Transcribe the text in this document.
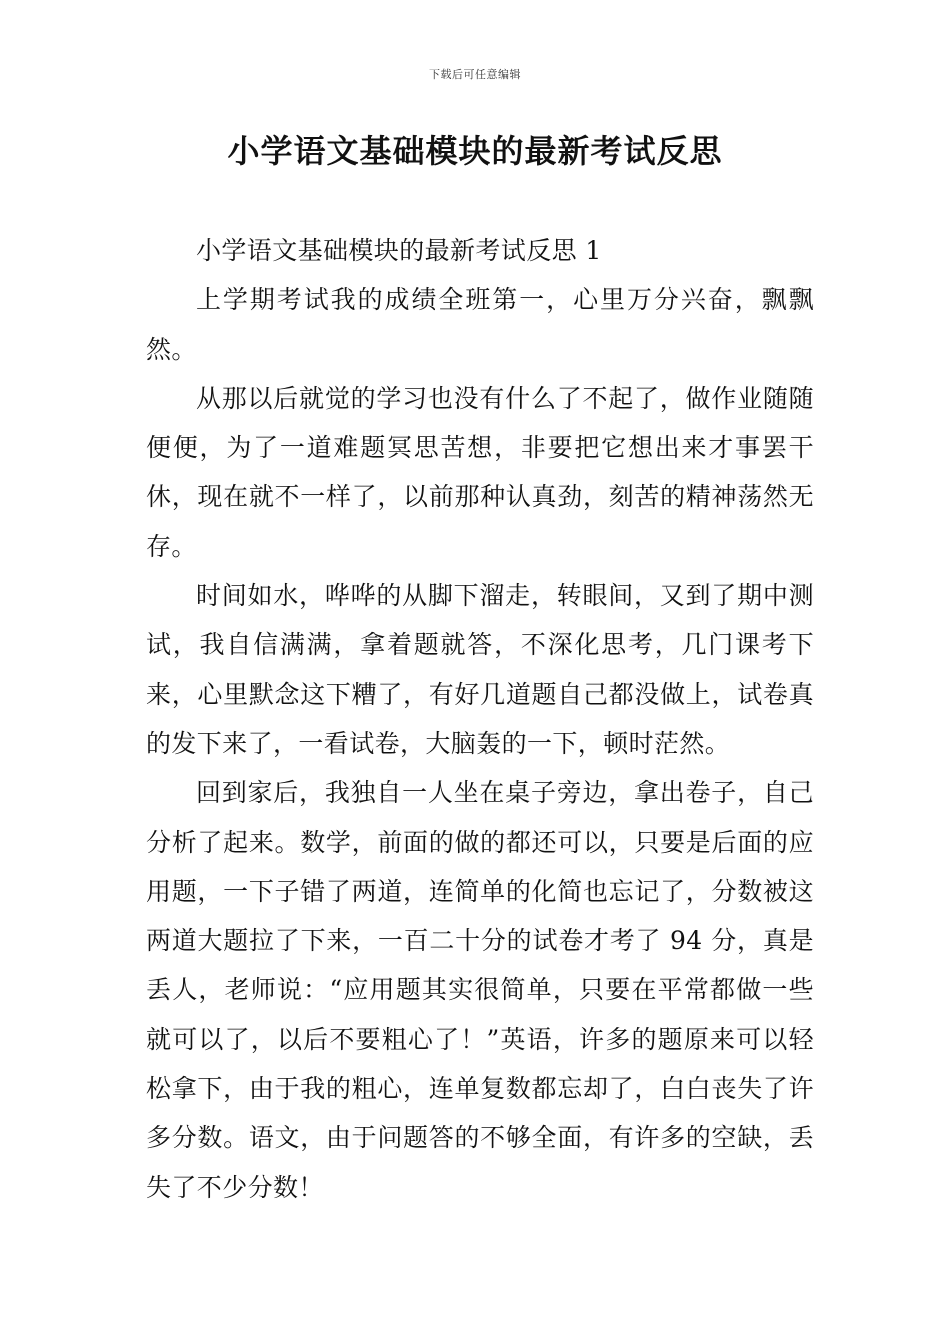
下载后可任意编辑
小学语文基础模块的最新考试反思

小学语文基础模块的最新考试反思 1

上学期考试我的成绩全班第一，心里万分兴奋，飘飘然。

从那以后就觉的学习也没有什么了不起了，做作业随随便便，为了一道难题冥思苦想，非要把它想出来才事罢干休，现在就不一样了，以前那种认真劲，刻苦的精神荡然无存。

时间如水，哗哗的从脚下溜走，转眼间，又到了期中测试，我自信满满，拿着题就答，不深化思考，几门课考下来，心里默念这下糟了，有好几道题自己都没做上，试卷真的发下来了，一看试卷，大脑轰的一下，顿时茫然。

回到家后，我独自一人坐在桌子旁边，拿出卷子，自己分析了起来。数学，前面的做的都还可以，只要是后面的应用题，一下子错了两道，连简单的化简也忘记了，分数被这两道大题拉了下来，一百二十分的试卷才考了 94 分，真是丢人，老师说：“应用题其实很简单，只要在平常都做一些就可以了，以后不要粗心了！”英语，许多的题原来可以轻松拿下，由于我的粗心，连单复数都忘却了，白白丧失了许多分数。语文，由于问题答的不够全面，有许多的空缺，丢失了不少分数！
